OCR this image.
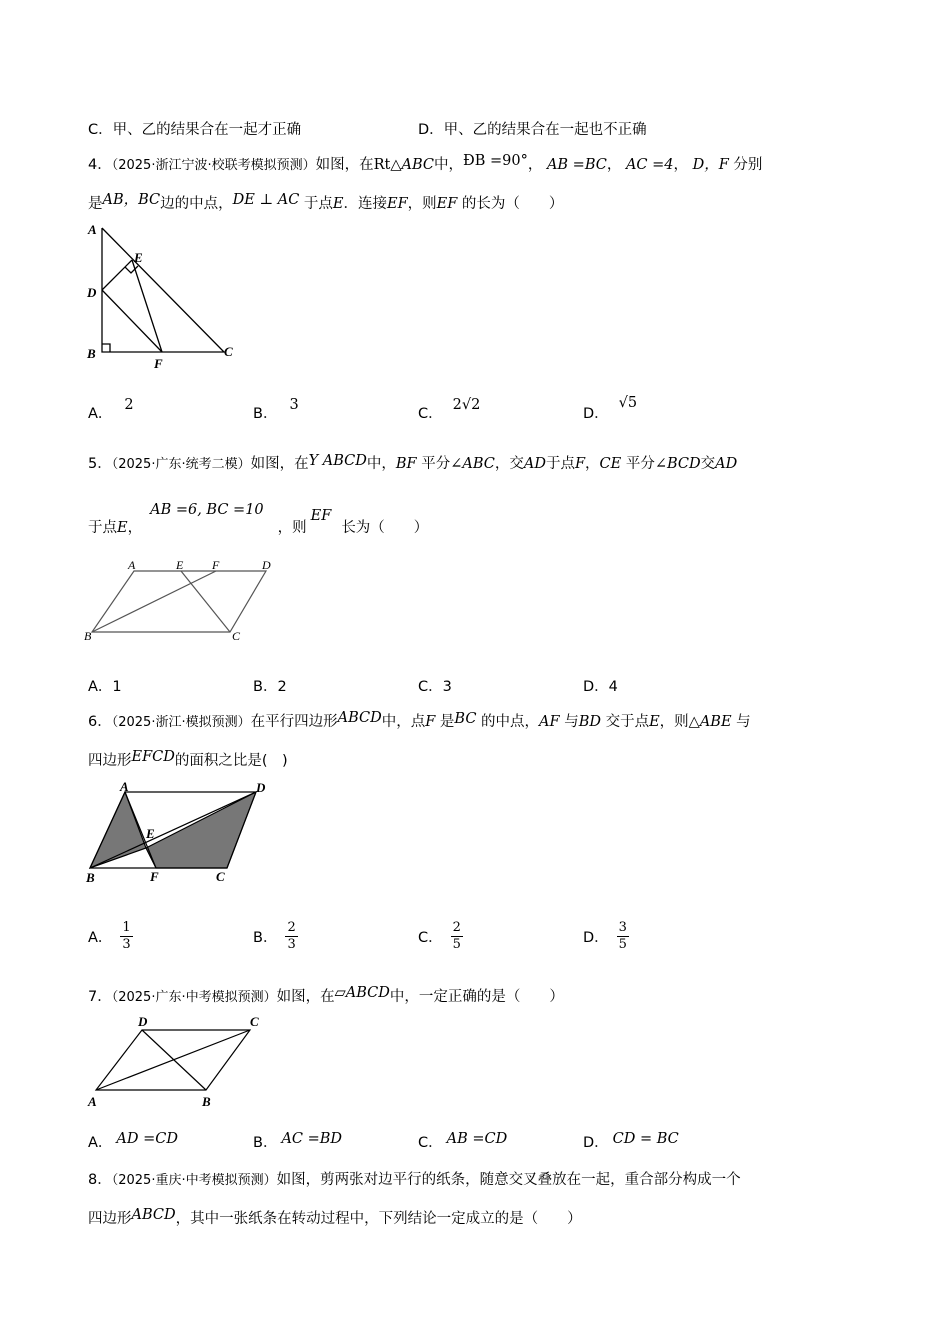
C．甲、乙的结果合在一起才正确	D．甲、乙的结果合在一起也不正确
4．（2025·浙江宁波·校联考模拟预测）如图，在Rt△ABC中，ÐB =90°， AB =BC， AC =4， D，F 分别
是AB，BC边的中点，DE ⊥ AC 于点E．连接EF，则EF 的长为（　　）
A
E
D
B
F
C
A．2
B．3
C．2√2
D．√5
5．（2025·广东·统考二模）如图，在Y ABCD中，BF 平分∠ABC，交AD于点F，CE 平分∠BCD交AD
于点E，AB =6, BC =10，则EF长为（　　）
A	E F	D
B	C
A．1	B．2	C．3	D．4
6．（2025·浙江·模拟预测）在平行四边形ABCD中，点F 是BC 的中点，AF 与BD 交于点E，则△ABE 与
四边形EFCD的面积之比是(　)
A	D
E
B	F	C
A． $\frac{1}{3}$	B． $\frac{2}{3}$	C． $\frac{2}{5}$	D． $\frac{3}{5}$
7．（2025·广东·中考模拟预测）如图，在▱ABCD中，一定正确的是（　　）
D	C
A	B
A． AD =CD	B． AC =BD	C． AB =CD	D． CD = BC
8．（2025·重庆·中考模拟预测）如图，剪两张对边平行的纸条，随意交叉叠放在一起，重合部分构成一个
四边形ABCD，其中一张纸条在转动过程中，下列结论一定成立的是（　　）
